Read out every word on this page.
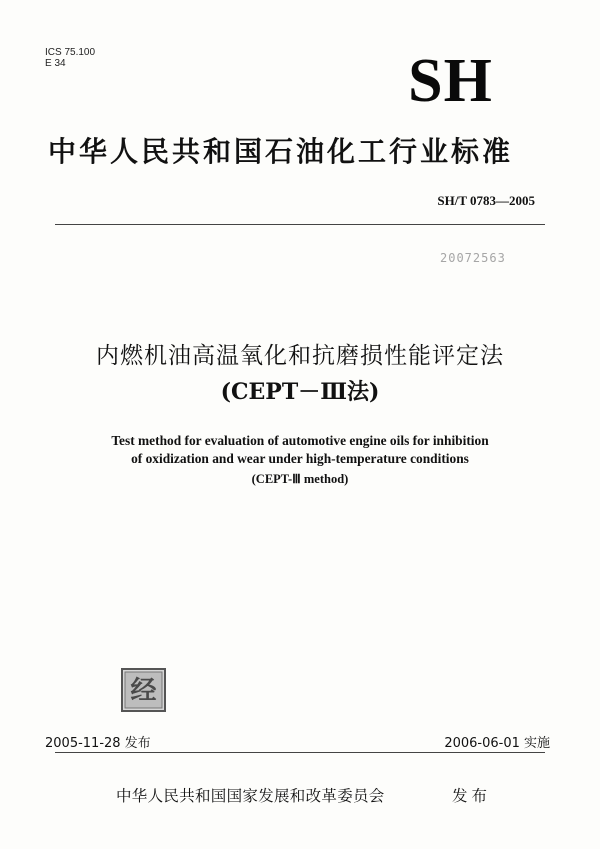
ICS 75.100
E 34	SH
中华人民共和国石油化工行业标准
SH/T 0783—2005
20072563
内燃机油高温氧化和抗磨损性能评定法
(CEPT－Ⅲ法)
Test method for evaluation of automotive engine oils for inhibition
of oxidization and wear under high-temperature conditions
(CEPT-Ⅲ method)
经
2005-11-28 发布	2006-06-01 实施
中华人民共和国国家发展和改革委员会	发布
